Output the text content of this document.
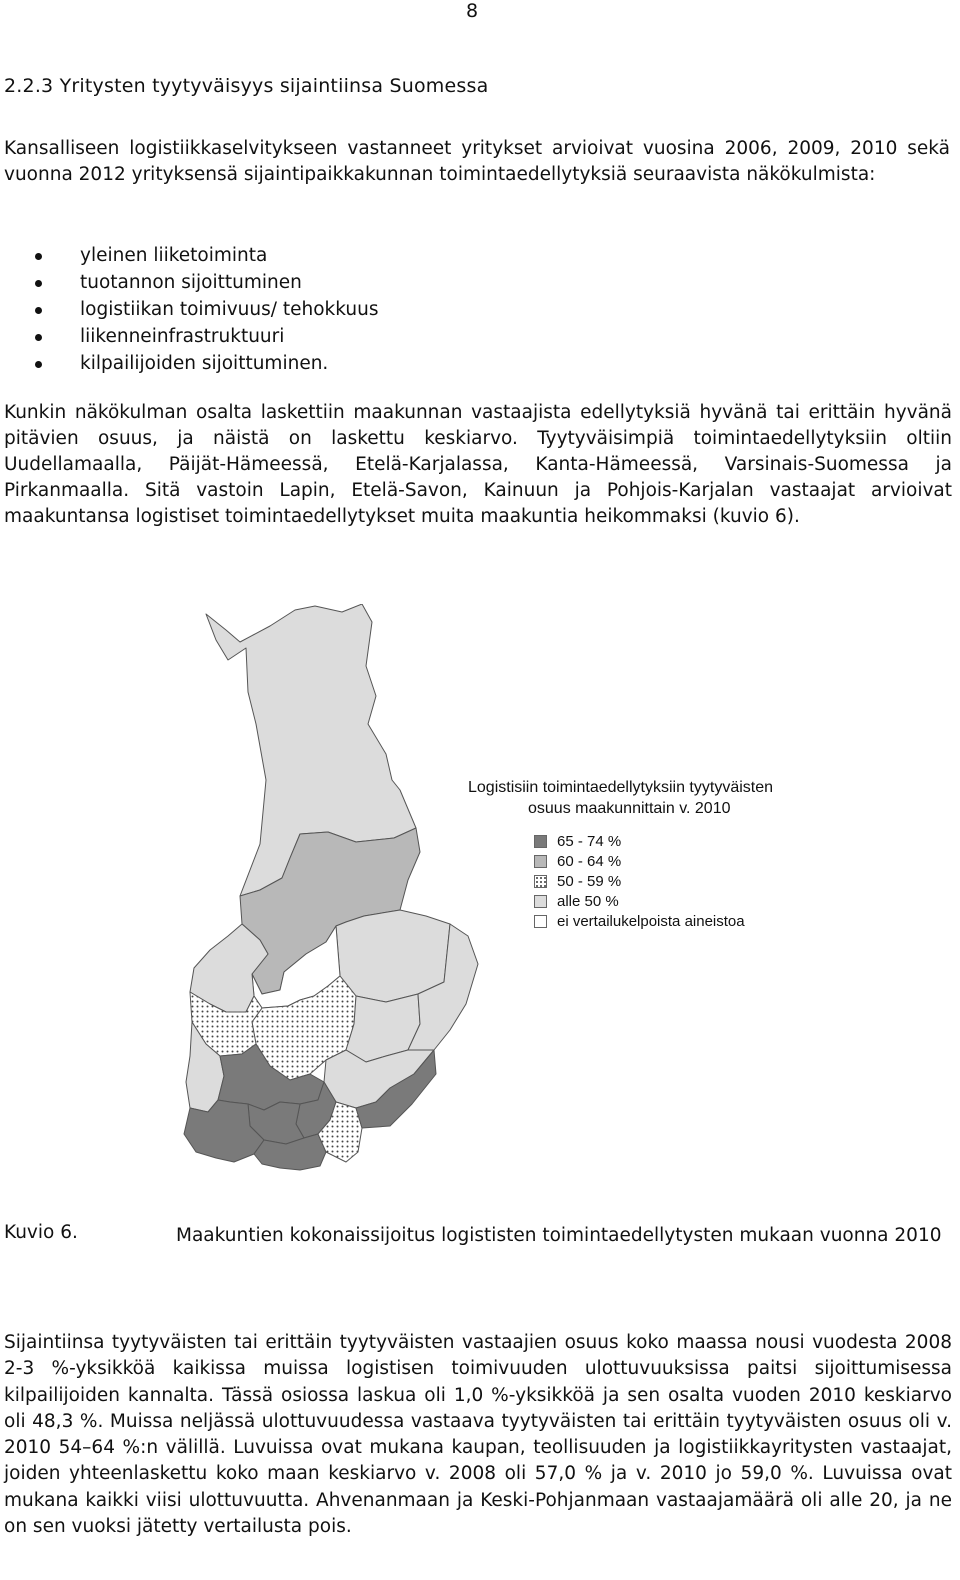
8
2.2.3 Yritysten tyytyväisyys sijaintiinsa Suomessa
Kansalliseen logistiikkaselvitykseen vastanneet yritykset arvioivat vuosina 2006, 2009, 2010 sekä vuonna 2012 yrityksensä sijaintipaikkakunnan toimintaedellytyksiä seuraavista näkökulmista:
yleinen liiketoiminta
tuotannon sijoittuminen
logistiikan toimivuus/ tehokkuus
liikenneinfrastruktuuri
kilpailijoiden sijoittuminen.
Kunkin näkökulman osalta laskettiin maakunnan vastaajista edellytyksiä hyvänä tai erittäin hyvänä pitävien osuus, ja näistä on laskettu keskiarvo. Tyytyväisimpiä toimintaedellytyksiin oltiin Uudellamaalla, Päijät-Hämeessä, Etelä-Karjalassa, Kanta-Hämeessä, Varsinais-Suomessa ja Pirkanmaalla. Sitä vastoin Lapin, Etelä-Savon, Kainuun ja Pohjois-Karjalan vastaajat arvioivat maakuntansa logistiset toimintaedellytykset muita maakuntia heikommaksi (kuvio 6).
Logistisiin toimintaedellytyksiin tyytyväisten
osuus maakunnittain v. 2010
65 - 74 %
60 - 64 %
50 - 59 %
alle 50 %
ei vertailukelpoista aineistoa
Kuvio 6.	Maakuntien kokonaissijoitus logististen toimintaedellytysten mukaan vuonna 2010
Sijaintiinsa tyytyväisten tai erittäin tyytyväisten vastaajien osuus koko maassa nousi vuodesta 2008 2-3 %-yksikköä kaikissa muissa logistisen toimivuuden ulottuvuuksissa paitsi sijoittumisessa kilpailijoiden kannalta. Tässä osiossa laskua oli 1,0 %-yksikköä ja sen osalta vuoden 2010 keskiarvo oli 48,3 %. Muissa neljässä ulottuvuudessa vastaava tyytyväisten tai erittäin tyytyväisten osuus oli v. 2010 54–64 %:n välillä. Luvuissa ovat mukana kaupan, teollisuuden ja logistiikkayritysten vastaajat, joiden yhteenlaskettu koko maan keskiarvo v. 2008 oli 57,0 % ja v. 2010 jo 59,0 %. Luvuissa ovat mukana kaikki viisi ulottuvuutta. Ahvenanmaan ja Keski-Pohjanmaan vastaajamäärä oli alle 20, ja ne on sen vuoksi jätetty vertailusta pois.
